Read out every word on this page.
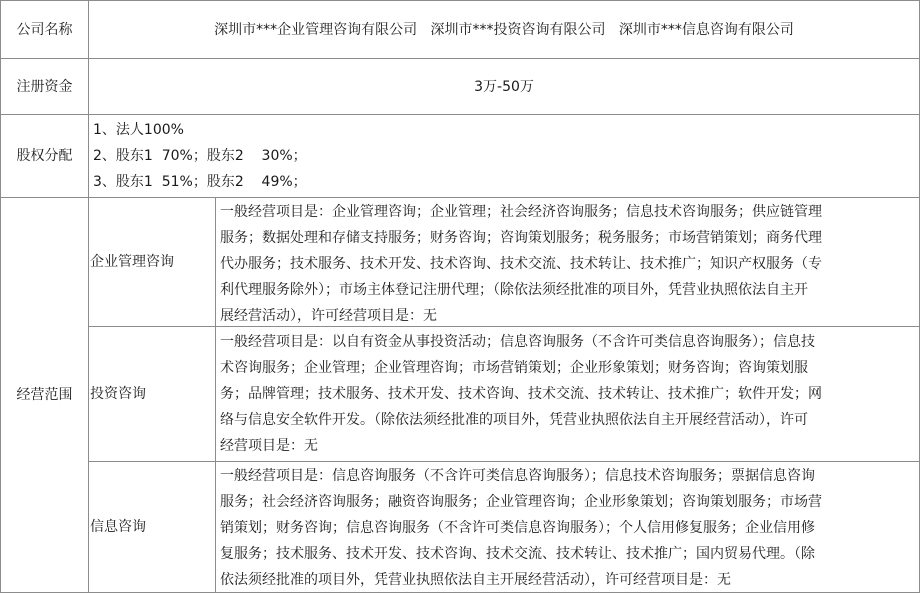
公司名称	深圳市***企业管理咨询有限公司   深圳市***投资咨询有限公司   深圳市***信息咨询有限公司
注册资金	3万-50万
股权分配
1、法人100%
2、股东1  70%；股东2    30%；
3、股东1  51%；股东2    49%；
经营范围
企业管理咨询
一般经营项目是：企业管理咨询；企业管理；社会经济咨询服务；信息技术咨询服务；供应链管理
服务；数据处理和存储支持服务；财务咨询；咨询策划服务；税务服务；市场营销策划；商务代理
代办服务；技术服务、技术开发、技术咨询、技术交流、技术转让、技术推广；知识产权服务（专
利代理服务除外）；市场主体登记注册代理；（除依法须经批准的项目外，凭营业执照依法自主开
展经营活动），许可经营项目是：无
投资咨询
一般经营项目是：以自有资金从事投资活动；信息咨询服务（不含许可类信息咨询服务）；信息技
术咨询服务；企业管理；企业管理咨询；市场营销策划；企业形象策划；财务咨询；咨询策划服
务；品牌管理；技术服务、技术开发、技术咨询、技术交流、技术转让、技术推广；软件开发；网
络与信息安全软件开发。（除依法须经批准的项目外，凭营业执照依法自主开展经营活动），许可
经营项目是：无
信息咨询
一般经营项目是：信息咨询服务（不含许可类信息咨询服务）；信息技术咨询服务；票据信息咨询
服务；社会经济咨询服务；融资咨询服务；企业管理咨询；企业形象策划；咨询策划服务；市场营
销策划；财务咨询；信息咨询服务（不含许可类信息咨询服务）；个人信用修复服务；企业信用修
复服务；技术服务、技术开发、技术咨询、技术交流、技术转让、技术推广；国内贸易代理。（除
依法须经批准的项目外，凭营业执照依法自主开展经营活动），许可经营项目是：无
